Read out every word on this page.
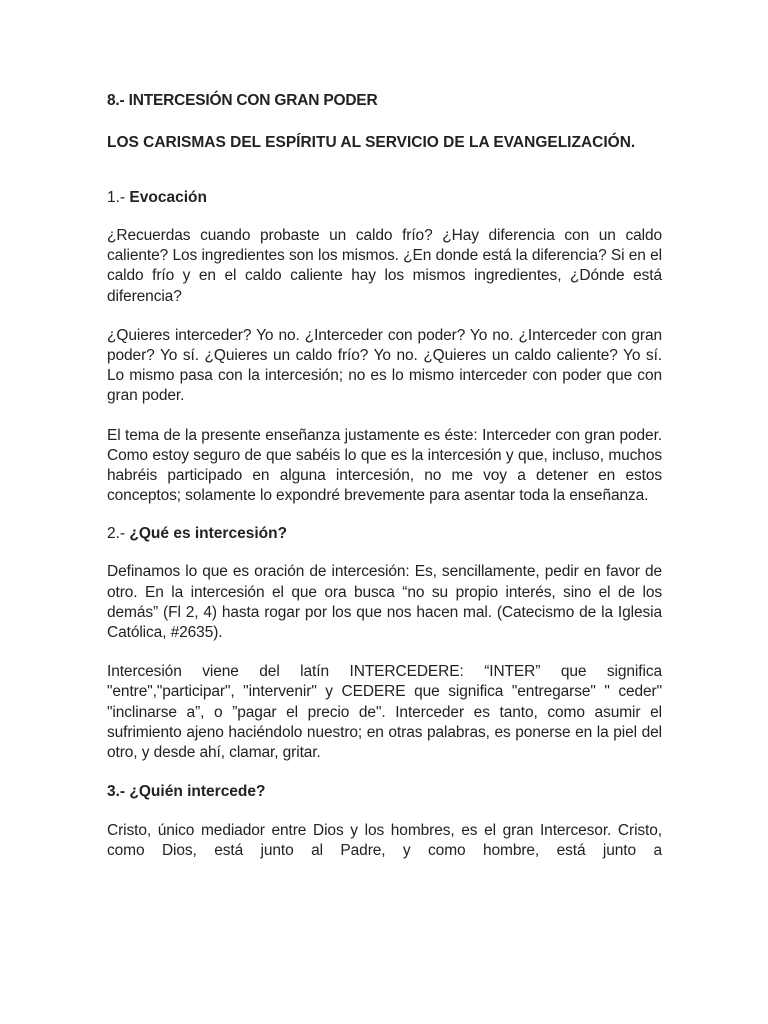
8.- INTERCESIÓN CON GRAN PODER
LOS CARISMAS DEL ESPÍRITU AL SERVICIO DE LA EVANGELIZACIÓN.
1.- Evocación

¿Recuerdas cuando probaste un caldo frío? ¿Hay diferencia con un caldo caliente? Los ingredientes son los mismos. ¿En donde está la diferencia? Si en el caldo frío y en el caldo caliente hay los mismos ingredientes, ¿Dónde está diferencia?

¿Quieres interceder? Yo no. ¿Interceder con poder? Yo no. ¿Interceder con gran poder? Yo sí. ¿Quieres un caldo frío? Yo no. ¿Quieres un caldo caliente? Yo sí. Lo mismo pasa con la intercesión; no es lo mismo interceder con poder que con gran poder.

El tema de la presente enseñanza justamente es éste: Interceder con gran poder. Como estoy seguro de que sabéis lo que es la intercesión y que, incluso, muchos habréis participado en alguna intercesión, no me voy a detener en estos conceptos; solamente lo expondré brevemente para asentar toda la enseñanza.

2.- ¿Qué es intercesión?

Definamos lo que es oración de intercesión: Es, sencillamente, pedir en favor de otro. En la intercesión el que ora busca “no su propio interés, sino el de los demás” (Fl 2, 4) hasta rogar por los que nos hacen mal. (Catecismo de la Iglesia Católica, #2635).

Intercesión viene del latín INTERCEDERE: “INTER” que significa "entre","participar", "intervenir" y CEDERE que significa "entregarse" " ceder" "inclinarse a”, o ”pagar el precio de". Interceder es tanto, como asumir el sufrimiento ajeno haciéndolo nuestro; en otras palabras, es ponerse en la piel del otro, y desde ahí, clamar, gritar.

3.- ¿Quién intercede?

Cristo, único mediador entre Dios y los hombres, es el gran Intercesor. Cristo, como Dios, está junto al Padre, y como hombre, está junto a
